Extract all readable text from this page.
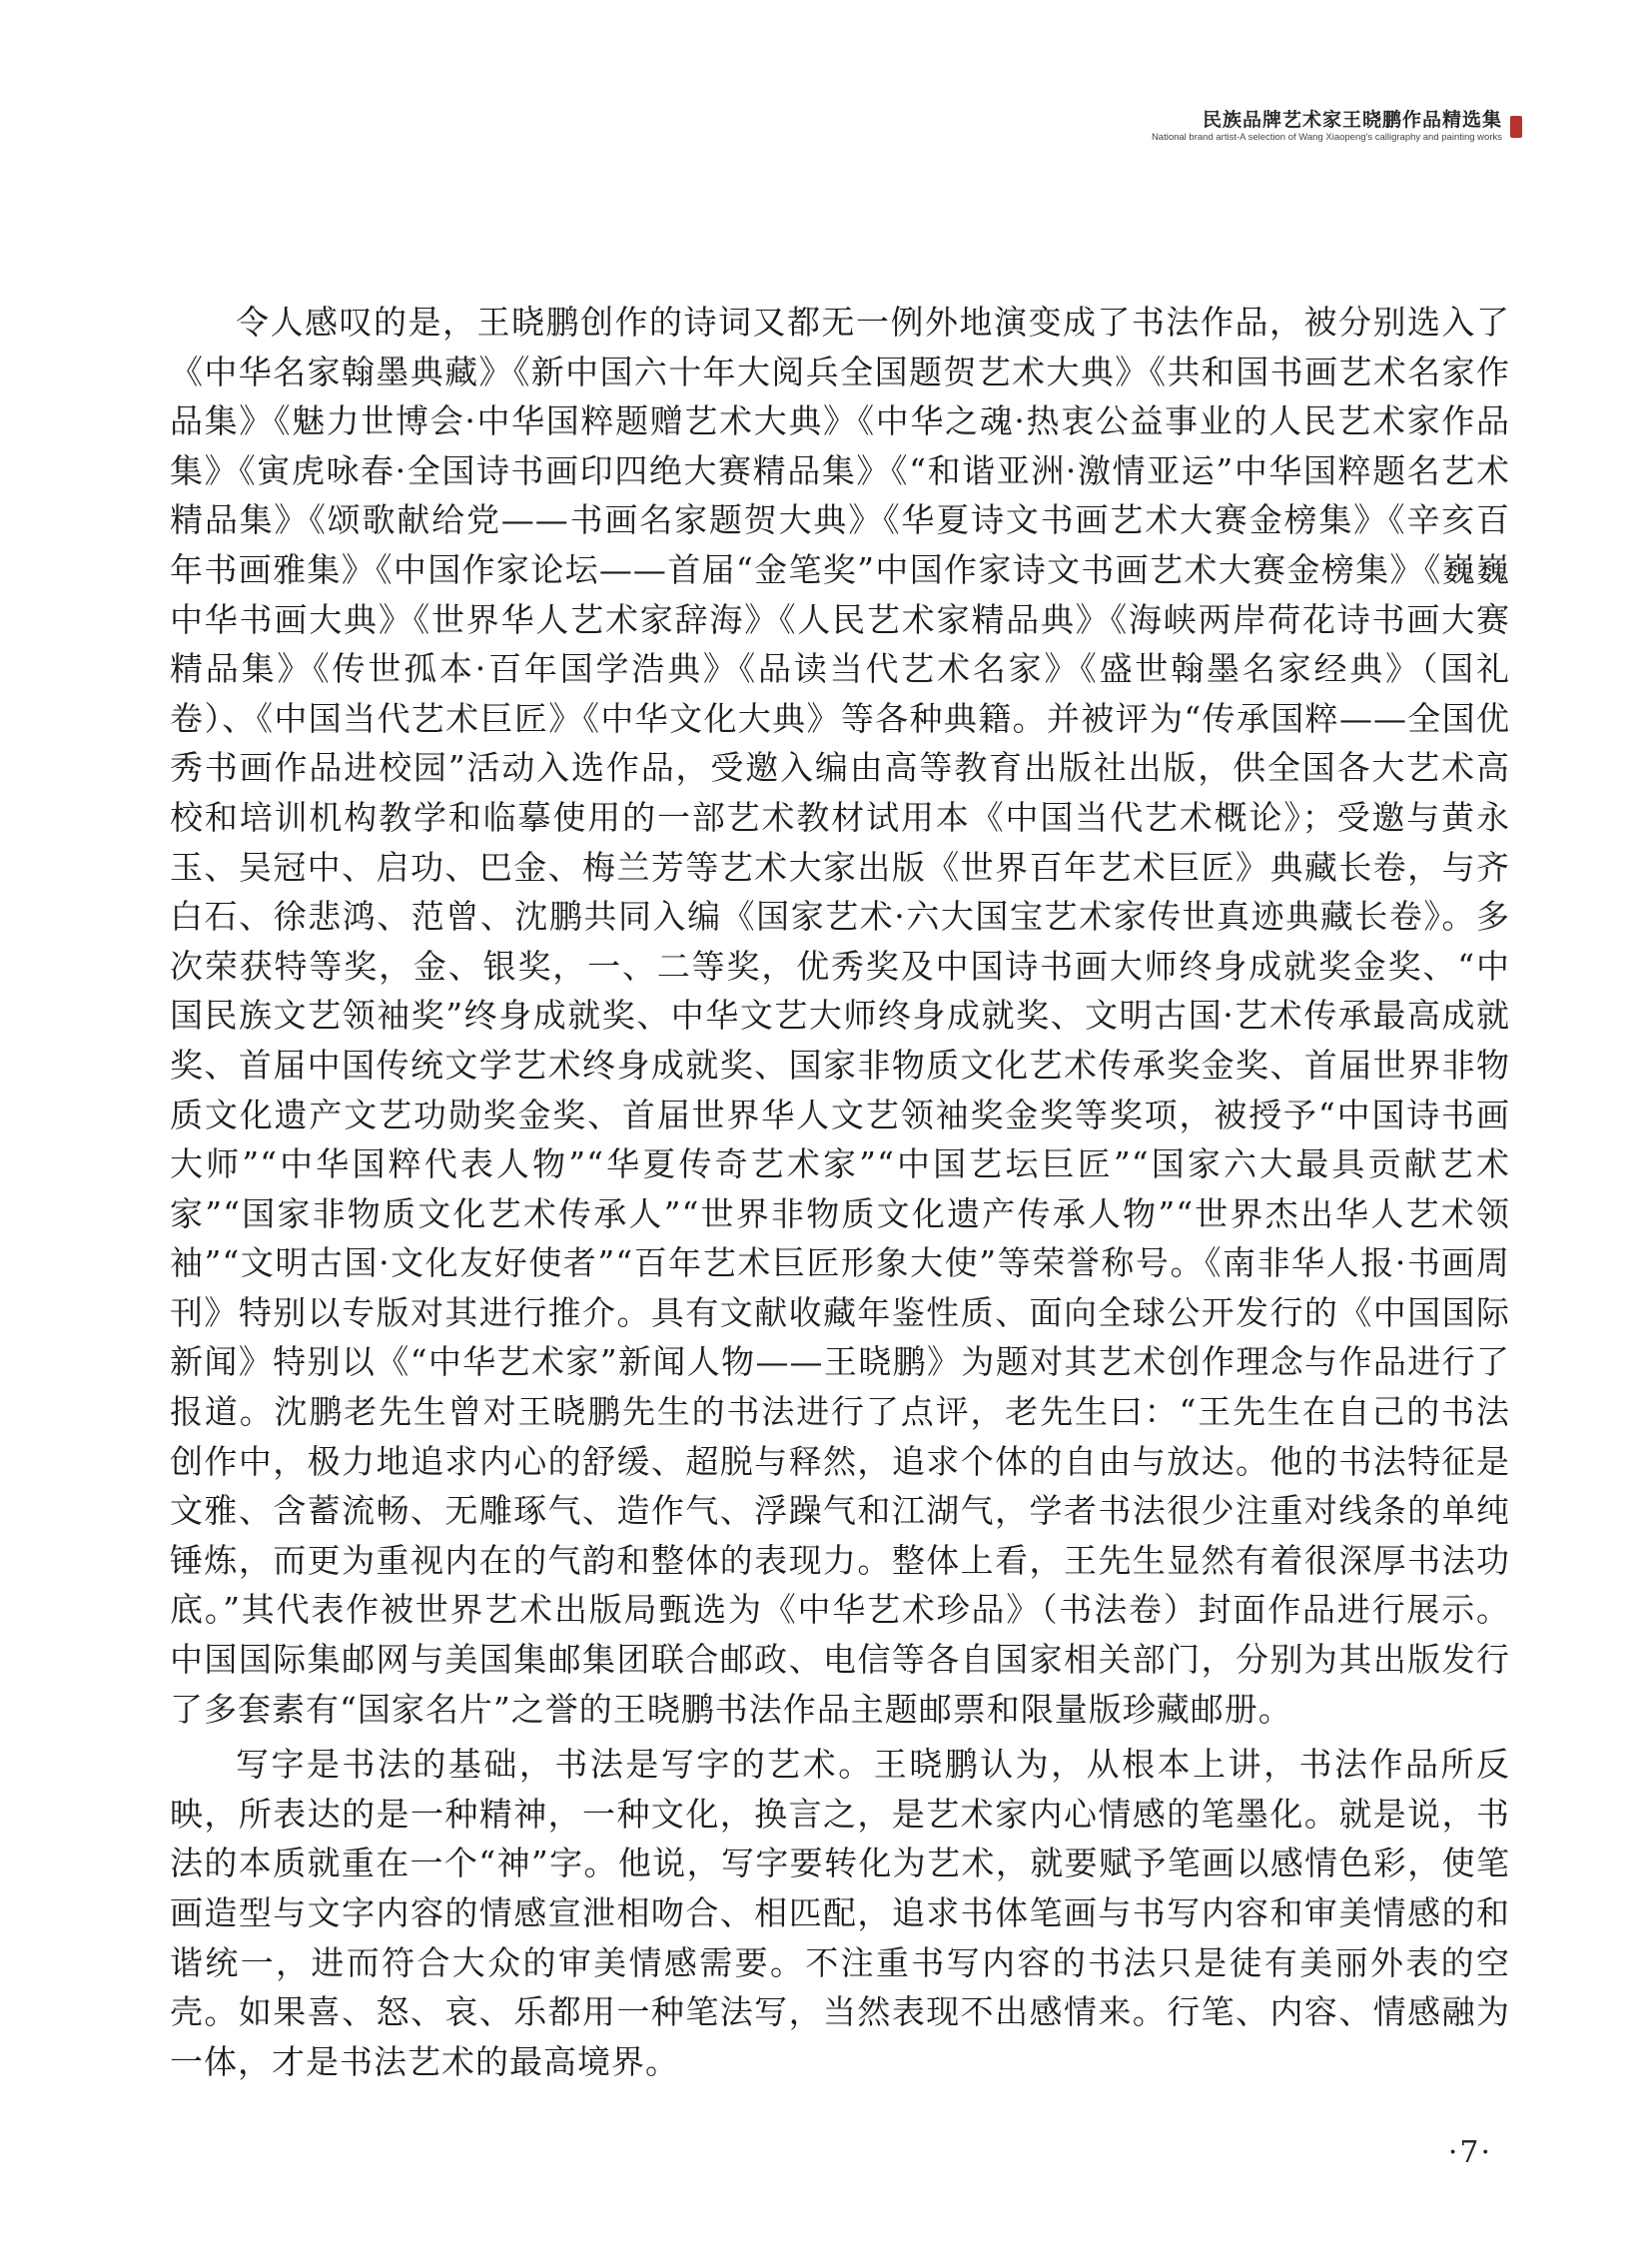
民族品牌艺术家王晓鹏作品精选集
National brand artist-A selection of Wang Xiaopeng's calligraphy and painting works

令人感叹的是，王晓鹏创作的诗词又都无一例外地演变成了书法作品，被分别选入了《中华名家翰墨典藏》《新中国六十年大阅兵全国题贺艺术大典》《共和国书画艺术名家作品集》《魅力世博会·中华国粹题赠艺术大典》《中华之魂·热衷公益事业的人民艺术家作品集》《寅虎咏春·全国诗书画印四绝大赛精品集》《“和谐亚洲·激情亚运”中华国粹题名艺术精品集》《颂歌献给党——书画名家题贺大典》《华夏诗文书画艺术大赛金榜集》《辛亥百年书画雅集》《中国作家论坛——首届“金笔奖”中国作家诗文书画艺术大赛金榜集》《巍巍中华书画大典》《世界华人艺术家辞海》《人民艺术家精品典》《海峡两岸荷花诗书画大赛精品集》《传世孤本·百年国学浩典》《品读当代艺术名家》《盛世翰墨名家经典》（国礼卷）、《中国当代艺术巨匠》《中华文化大典》等各种典籍。并被评为“传承国粹——全国优秀书画作品进校园”活动入选作品，受邀入编由高等教育出版社出版，供全国各大艺术高校和培训机构教学和临摹使用的一部艺术教材试用本《中国当代艺术概论》；受邀与黄永玉、吴冠中、启功、巴金、梅兰芳等艺术大家出版《世界百年艺术巨匠》典藏长卷，与齐白石、徐悲鸿、范曾、沈鹏共同入编《国家艺术·六大国宝艺术家传世真迹典藏长卷》。多次荣获特等奖，金、银奖，一、二等奖，优秀奖及中国诗书画大师终身成就奖金奖、“中国民族文艺领袖奖”终身成就奖、中华文艺大师终身成就奖、文明古国·艺术传承最高成就奖、首届中国传统文学艺术终身成就奖、国家非物质文化艺术传承奖金奖、首届世界非物质文化遗产文艺功勋奖金奖、首届世界华人文艺领袖奖金奖等奖项，被授予“中国诗书画大师”“中华国粹代表人物”“华夏传奇艺术家”“中国艺坛巨匠”“国家六大最具贡献艺术家”“国家非物质文化艺术传承人”“世界非物质文化遗产传承人物”“世界杰出华人艺术领袖”“文明古国·文化友好使者”“百年艺术巨匠形象大使”等荣誉称号。《南非华人报·书画周刊》特别以专版对其进行推介。具有文献收藏年鉴性质、面向全球公开发行的《中国国际新闻》特别以《“中华艺术家”新闻人物——王晓鹏》为题对其艺术创作理念与作品进行了报道。沈鹏老先生曾对王晓鹏先生的书法进行了点评，老先生曰：“王先生在自己的书法创作中，极力地追求内心的舒缓、超脱与释然，追求个体的自由与放达。他的书法特征是文雅、含蓄流畅、无雕琢气、造作气、浮躁气和江湖气，学者书法很少注重对线条的单纯锤炼，而更为重视内在的气韵和整体的表现力。整体上看，王先生显然有着很深厚书法功底。”其代表作被世界艺术出版局甄选为《中华艺术珍品》（书法卷）封面作品进行展示。中国国际集邮网与美国集邮集团联合邮政、电信等各自国家相关部门，分别为其出版发行了多套素有“国家名片”之誉的王晓鹏书法作品主题邮票和限量版珍藏邮册。

写字是书法的基础，书法是写字的艺术。王晓鹏认为，从根本上讲，书法作品所反映，所表达的是一种精神，一种文化，换言之，是艺术家内心情感的笔墨化。就是说，书法的本质就重在一个“神”字。他说，写字要转化为艺术，就要赋予笔画以感情色彩，使笔画造型与文字内容的情感宣泄相吻合、相匹配，追求书体笔画与书写内容和审美情感的和谐统一，进而符合大众的审美情感需要。不注重书写内容的书法只是徒有美丽外表的空壳。如果喜、怒、哀、乐都用一种笔法写，当然表现不出感情来。行笔、内容、情感融为一体，才是书法艺术的最高境界。

·7·
